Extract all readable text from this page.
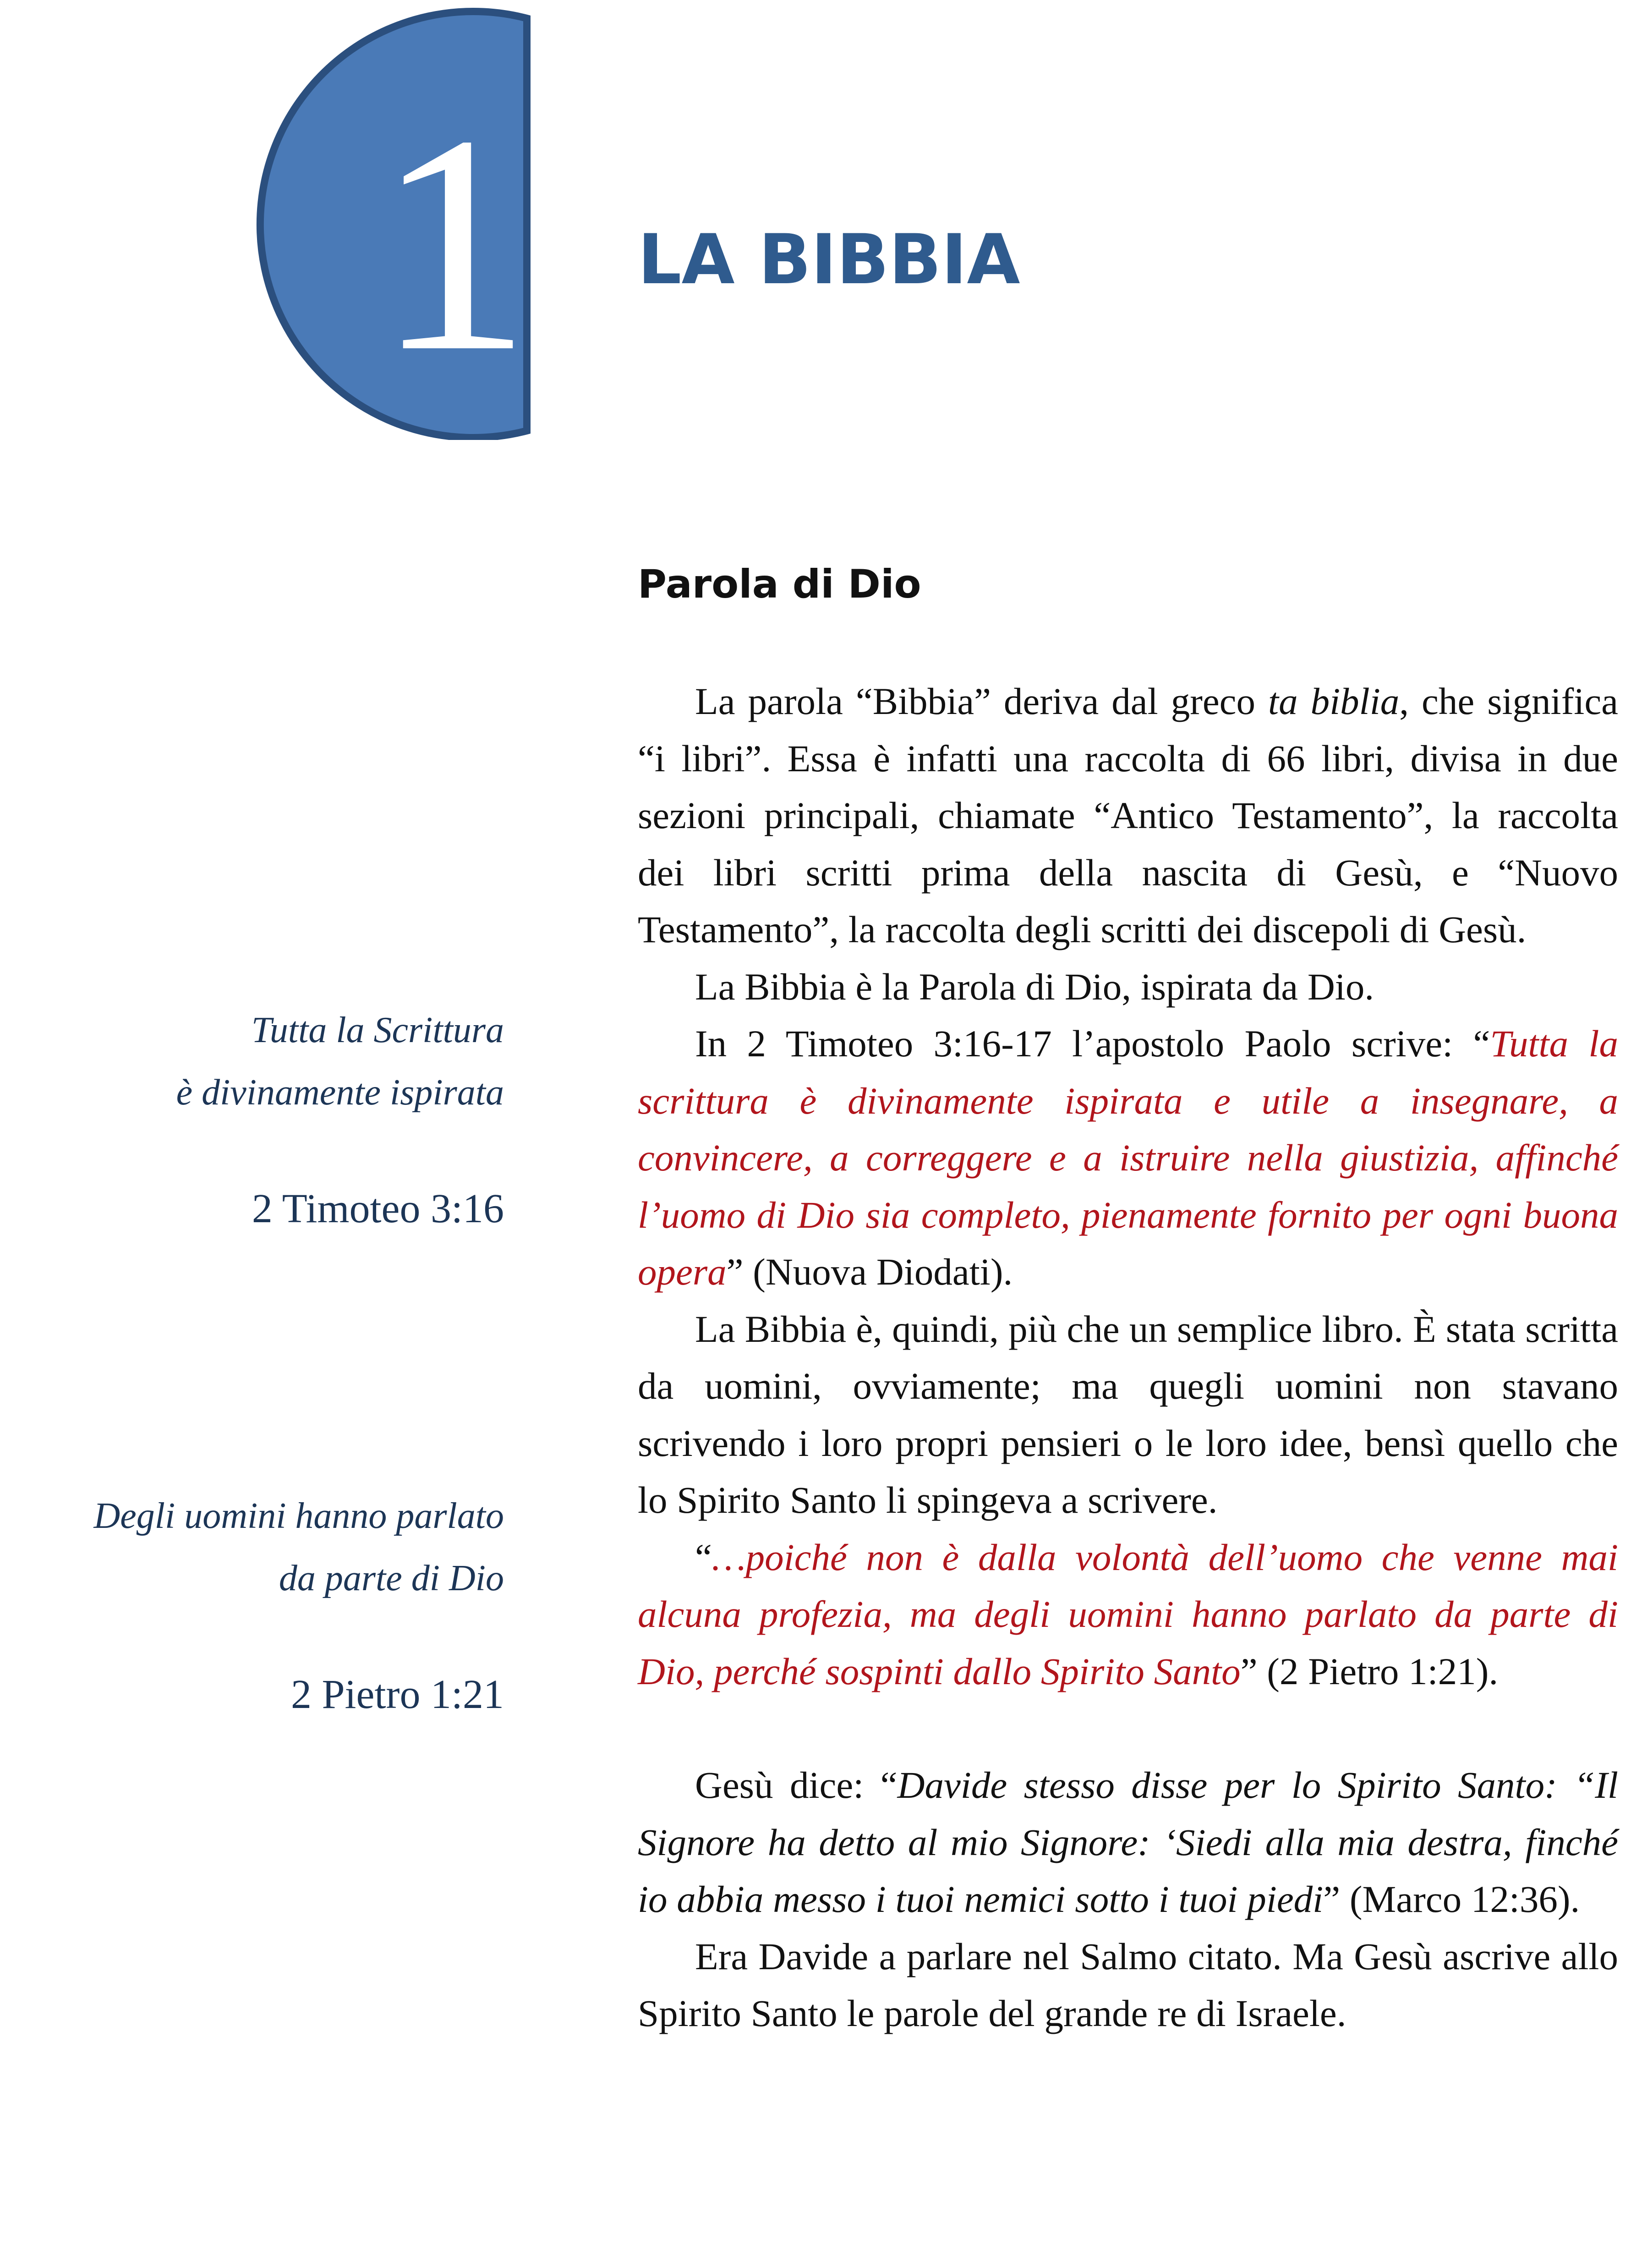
1 LA BIBBIA
Parola di Dio

Tutta la Scrittura

è divinamente ispirata

2 Timoteo 3:16

Degli uomini hanno parlato

da parte di Dio

2 Pietro 1:21

La parola “Bibbia” deriva dal greco ta biblia, che significa “i libri”. Essa è infatti una raccolta di 66 libri, divisa in due sezioni principali, chiamate “Antico Testamento”, la raccolta dei libri scritti prima della nascita di Gesù, e “Nuovo Testamento”, la raccolta degli scritti dei discepoli di Gesù.

La Bibbia è la Parola di Dio, ispirata da Dio.

In 2 Timoteo 3:16-17 l’apostolo Paolo scrive: “Tutta la scrittura è divinamente ispirata e utile a insegnare, a convincere, a correggere e a istruire nella giustizia, affinché l’uomo di Dio sia completo, pienamente fornito per ogni buona opera” (Nuova Diodati).

La Bibbia è, quindi, più che un semplice libro. È stata scritta da uomini, ovviamente; ma quegli uomini non stavano scrivendo i loro propri pensieri o le loro idee, bensì quello che lo Spirito Santo li spingeva a scrivere.

“…poiché non è dalla volontà dell’uomo che venne mai alcuna profezia, ma degli uomini hanno parlato da parte di Dio, perché sospinti dallo Spirito Santo” (2 Pietro 1:21).

Gesù dice: “Davide stesso disse per lo Spirito Santo: “Il Signore ha detto al mio Signore: ‘Siedi alla mia destra, finché io abbia messo i tuoi nemici sotto i tuoi piedi” (Marco 12:36).

Era Davide a parlare nel Salmo citato. Ma Gesù ascrive allo Spirito Santo le parole del grande re di Israele.
